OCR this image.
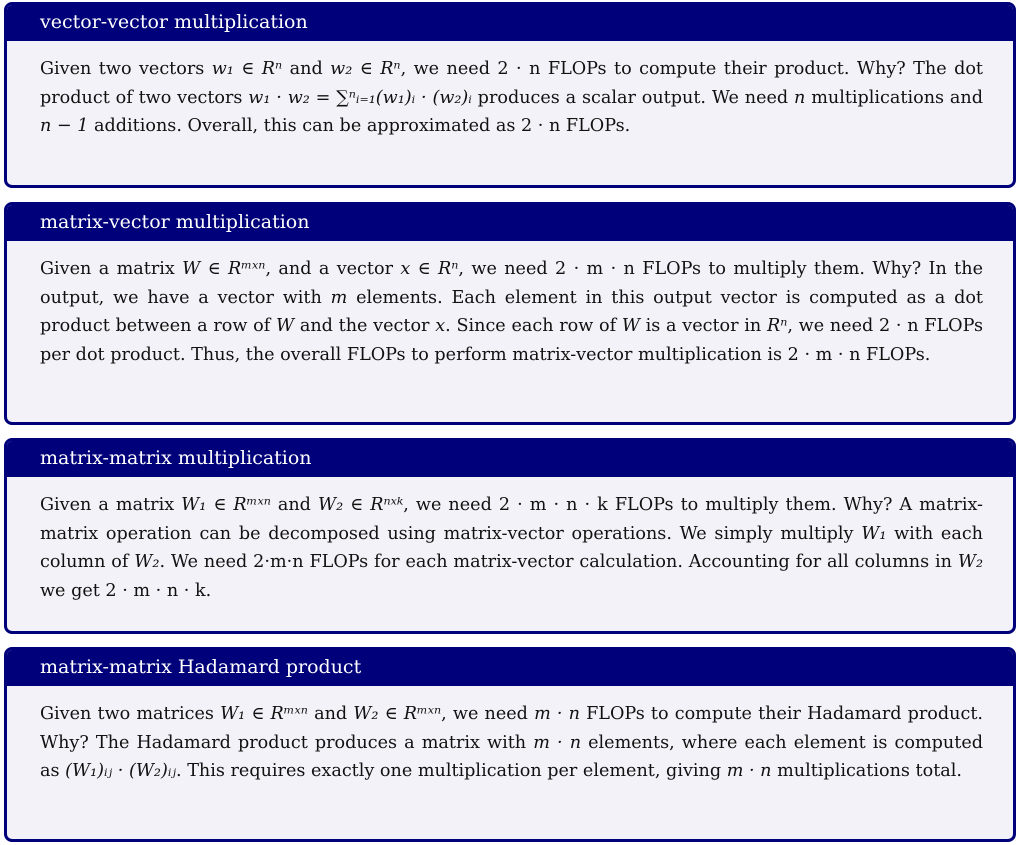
vector-vector multiplication
Given two vectors w₁ ∈ Rⁿ and w₂ ∈ Rⁿ, we need 2 · n FLOPs to compute their product. Why? The dot product of two vectors w₁ · w₂ = ∑ⁿᵢ₌₁(w₁)ᵢ · (w₂)ᵢ produces a scalar output. We need n multiplications and n − 1 additions. Overall, this can be approximated as 2 · n FLOPs.
matrix-vector multiplication
Given a matrix W ∈ Rᵐˣⁿ, and a vector x ∈ Rⁿ, we need 2 · m · n FLOPs to multiply them. Why? In the output, we have a vector with m elements. Each element in this output vector is computed as a dot product between a row of W and the vector x. Since each row of W is a vector in Rⁿ, we need 2 · n FLOPs per dot product. Thus, the overall FLOPs to perform matrix-vector multiplication is 2 · m · n FLOPs.
matrix-matrix multiplication
Given a matrix W₁ ∈ Rᵐˣⁿ and W₂ ∈ Rⁿˣᵏ, we need 2 · m · n · k FLOPs to multiply them. Why? A matrix-matrix operation can be decomposed using matrix-vector operations. We simply multiply W₁ with each column of W₂. We need 2·m·n FLOPs for each matrix-vector calculation. Accounting for all columns in W₂ we get 2 · m · n · k.
matrix-matrix Hadamard product
Given two matrices W₁ ∈ Rᵐˣⁿ and W₂ ∈ Rᵐˣⁿ, we need m · n FLOPs to compute their Hadamard product. Why? The Hadamard product produces a matrix with m · n elements, where each element is computed as (W₁)ᵢⱼ · (W₂)ᵢⱼ. This requires exactly one multiplication per element, giving m · n multiplications total.
